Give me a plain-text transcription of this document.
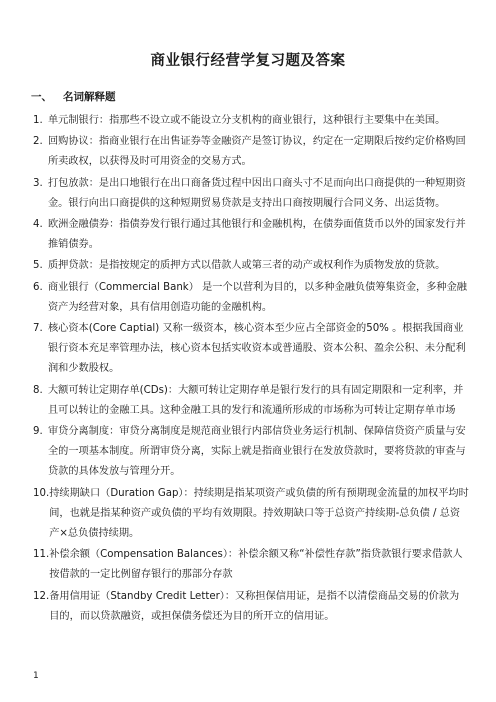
商业银行经营学复习题及答案
一、 名词解释题
1. 单元制银行：指那些不设立或不能设立分支机构的商业银行，这种银行主要集中在美国。
2. 回购协议：指商业银行在出售证券等金融资产是签订协议，约定在一定期限后按约定价格购回所卖政权，以获得及时可用资金的交易方式。
3. 打包放款：是出口地银行在出口商备货过程中因出口商头寸不足而向出口商提供的一种短期资金。银行向出口商提供的这种短期贸易贷款是支持出口商按期履行合同义务、出运货物。
4. 欧洲金融债券：指债券发行银行通过其他银行和金融机构，在债券面值货币以外的国家发行并推销债券。
5. 质押贷款：是指按规定的质押方式以借款人或第三者的动产或权利作为质物发放的贷款。
6. 商业银行（Commercial Bank） 是一个以营利为目的，以多种金融负债筹集资金，多种金融资产为经营对象，具有信用创造功能的金融机构。
7. 核心资本(Core Captial) 又称一级资本，核心资本至少应占全部资金的50% 。根据我国商业银行资本充足率管理办法，核心资本包括实收资本或普通股、资本公积、盈余公积、未分配利润和少数股权。
8. 大额可转让定期存单(CDs)：大额可转让定期存单是银行发行的具有固定期限和一定利率，并且可以转让的金融工具。这种金融工具的发行和流通所形成的市场称为可转让定期存单市场
9. 审贷分离制度：审贷分离制度是规范商业银行内部信贷业务运行机制、保障信贷资产质量与安全的一项基本制度。所谓审贷分离，实际上就是指商业银行在发放贷款时，要将贷款的审查与贷款的具体发放与管理分开。
10. 持续期缺口（Duration Gap）：持续期是指某项资产或负债的所有预期现金流量的加权平均时间，也就是指某种资产或负债的平均有效期限。持效期缺口等于总资产持续期-总负债 / 总资产×总负债持续期。
11. 补偿余额（Compensation Balances）：补偿余额又称“补偿性存款”指贷款银行要求借款人按借款的一定比例留存银行的那部分存款
12. 备用信用证（Standby Credit Letter）：又称担保信用证，是指不以清偿商品交易的价款为目的，而以贷款融资，或担保债务偿还为目的所开立的信用证。
1
